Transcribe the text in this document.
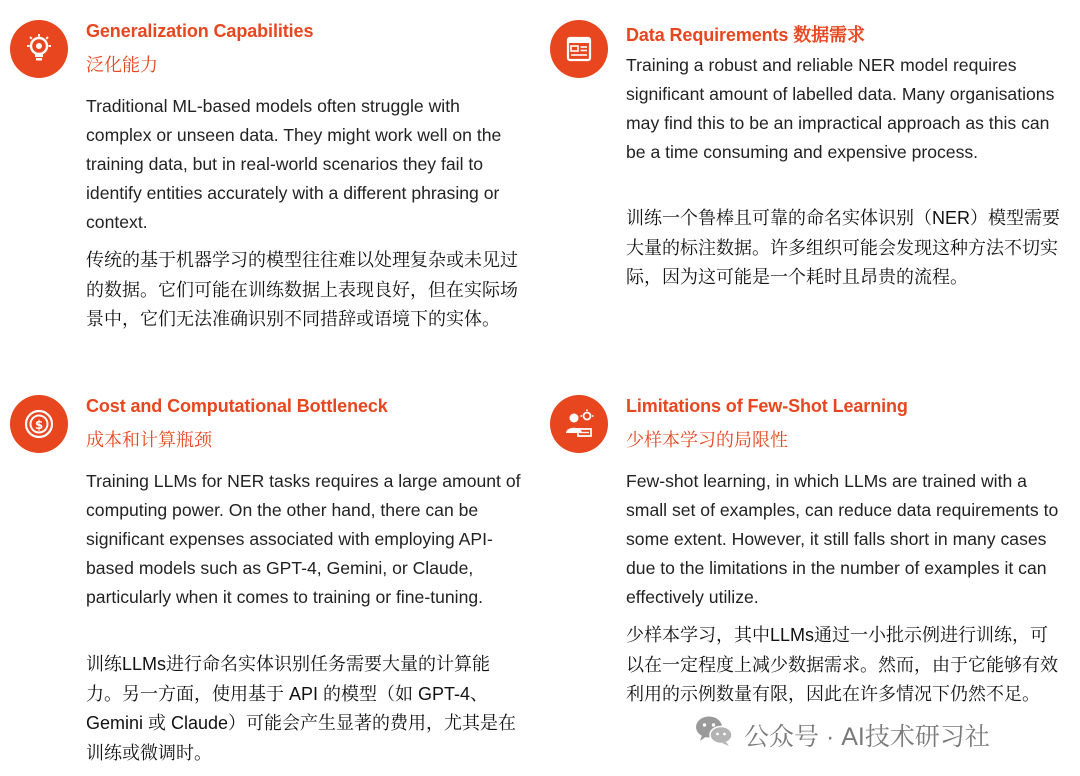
Generalization Capabilities
泛化能力
Traditional ML-based models often struggle with complex or unseen data. They might work well on the training data, but in real-world scenarios they fail to identify entities accurately with a different phrasing or context.
传统的基于机器学习的模型往往难以处理复杂或未见过的数据。它们可能在训练数据上表现良好，但在实际场景中，它们无法准确识别不同措辞或语境下的实体。
Data Requirements 数据需求
Training a robust and reliable NER model requires significant amount of labelled data. Many organisations may find this to be an impractical approach as this can be a time consuming and expensive process.
训练一个鲁棒且可靠的命名实体识别（NER）模型需要大量的标注数据。许多组织可能会发现这种方法不切实际，因为这可能是一个耗时且昂贵的流程。
$
Cost and Computational Bottleneck
成本和计算瓶颈
Training LLMs for NER tasks requires a large amount of computing power. On the other hand, there can be significant expenses associated with employing API-based models such as GPT-4, Gemini, or Claude, particularly when it comes to training or fine-tuning.
训练LLMs进行命名实体识别任务需要大量的计算能力。另一方面，使用基于 API 的模型（如 GPT-4、Gemini 或 Claude）可能会产生显著的费用，尤其是在训练或微调时。
Limitations of Few-Shot Learning
少样本学习的局限性
Few-shot learning, in which LLMs are trained with a small set of examples, can reduce data requirements to some extent. However, it still falls short in many cases due to the limitations in the number of examples it can effectively utilize.
少样本学习，其中LLMs通过一小批示例进行训练，可以在一定程度上减少数据需求。然而，由于它能够有效利用的示例数量有限，因此在许多情况下仍然不足。
公众号 · AI技术研习社
